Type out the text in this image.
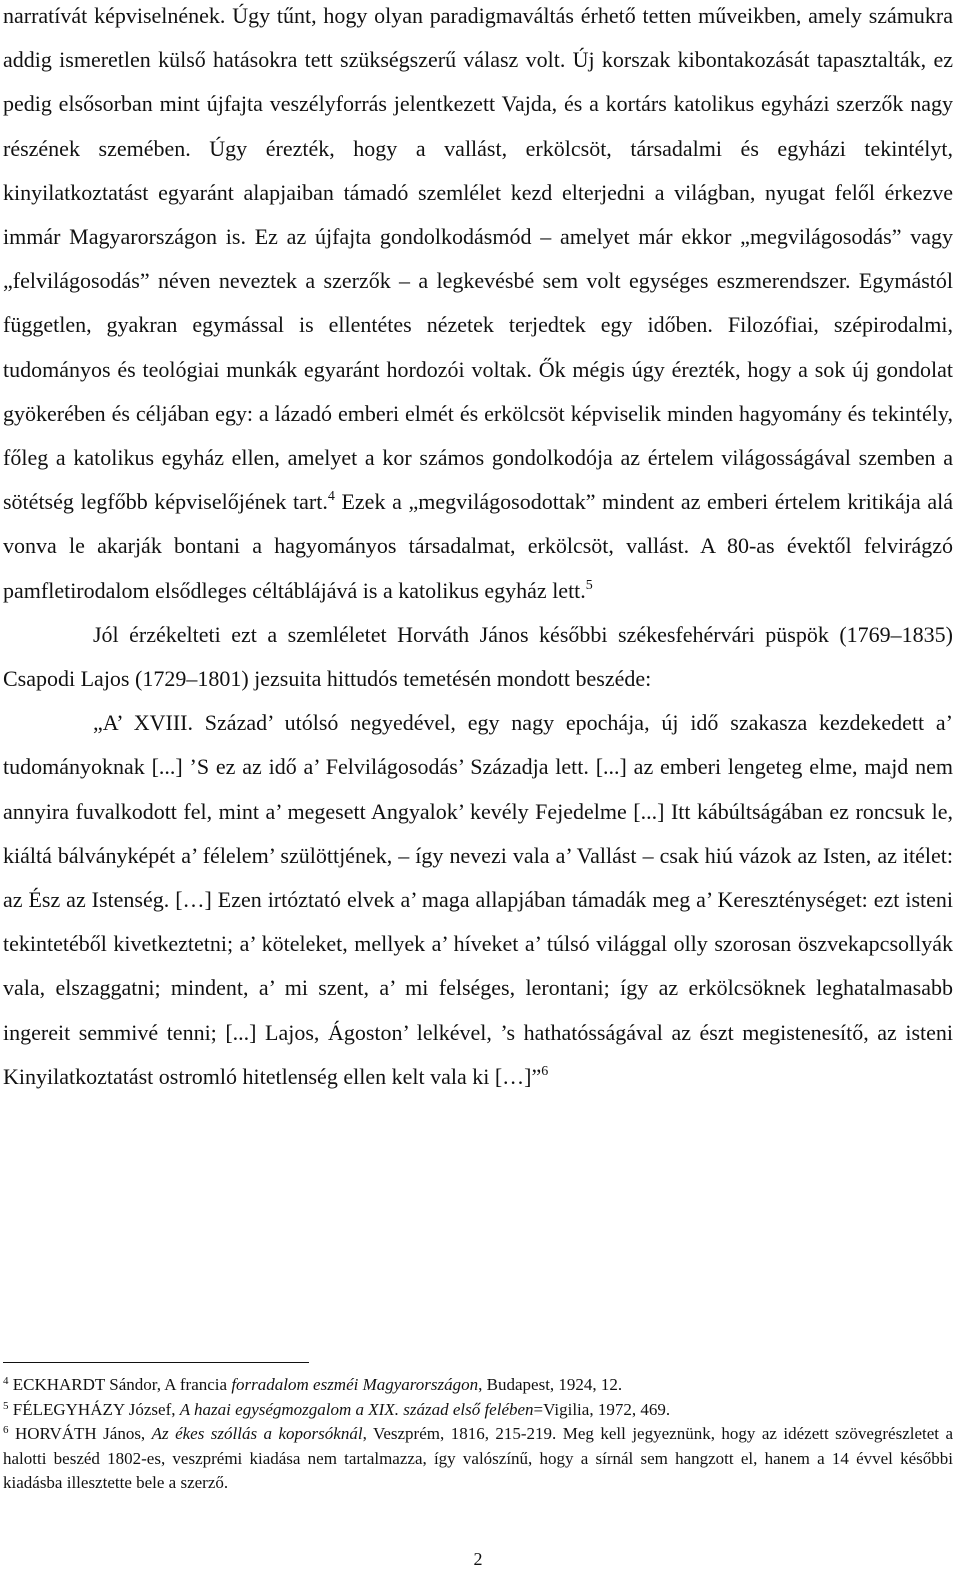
narratívát képviselnének. Úgy tűnt, hogy olyan paradigmaváltás érhető tetten műveikben, amely számukra addig ismeretlen külső hatásokra tett szükségszerű válasz volt. Új korszak kibontakozását tapasztalták, ez pedig elsősorban mint újfajta veszélyforrás jelentkezett Vajda, és a kortárs katolikus egyházi szerzők nagy részének szemében. Úgy érezték, hogy a vallást, erkölcsöt, társadalmi és egyházi tekintélyt, kinyilatkoztatást egyaránt alapjaiban támadó szemlélet kezd elterjedni a világban, nyugat felől érkezve immár Magyarországon is. Ez az újfajta gondolkodásmód – amelyet már ekkor „megvilágosodás” vagy „felvilágosodás” néven neveztek a szerzők – a legkevésbé sem volt egységes eszmerendszer. Egymástól független, gyakran egymással is ellentétes nézetek terjedtek egy időben. Filozófiai, szépirodalmi, tudományos és teológiai munkák egyaránt hordozói voltak. Ők mégis úgy érezték, hogy a sok új gondolat gyökerében és céljában egy: a lázadó emberi elmét és erkölcsöt képviselik minden hagyomány és tekintély, főleg a katolikus egyház ellen, amelyet a kor számos gondolkodója az értelem világosságával szemben a sötétség legfőbb képviselőjének tart.$^4$ Ezek a „megvilágosodottak” mindent az emberi értelem kritikája alá vonva le akarják bontani a hagyományos társadalmat, erkölcsöt, vallást. A 80-as évektől felvirágzó pamfletirodalom elsődleges céltáblájává is a katolikus egyház lett.$^5$

Jól érzékelteti ezt a szemléletet Horváth János későbbi székesfehérvári püspök (1769–1835) Csapodi Lajos (1729–1801) jezsuita hittudós temetésén mondott beszéde:

„A’ XVIII. Század’ utólsó negyedével, egy nagy epochája, új idő szakasza kezdekedett a’ tudományoknak [...] ’S ez az idő a’ Felvilágosodás’ Századja lett. [...] az emberi lengeteg elme, majd nem annyira fuvalkodott fel, mint a’ megesett Angyalok’ kevély Fejedelme [...] Itt kábúltságában ez roncsuk le, kiáltá bálványképét a’ félelem’ szülöttjének, – így nevezi vala a’ Vallást – csak hiú vázok az Isten, az itélet: az Ész az Istenség. […] Ezen irtóztató elvek a’ maga allapjában támadák meg a’ Kereszténységet: ezt isteni tekintetéből kivetkeztetni; a’ köteleket, mellyek a’ híveket a’ túlsó világgal olly szorosan öszvekapcsollyák vala, elszaggatni; mindent, a’ mi szent, a’ mi felséges, lerontani; így az erkölcsöknek leghatalmasabb ingereit semmivé tenni; [...] Lajos, Ágoston’ lelkével, ’s hathatósságával az észt megistenesítő, az isteni Kinyilatkoztatást ostromló hitetlenség ellen kelt vala ki […]”$^6$

$^4$ ECKHARDT Sándor, A francia forradalom eszméi Magyarországon, Budapest, 1924, 12.

$^5$ FÉLEGYHÁZY József, A hazai egységmozgalom a XIX. század első felében=Vigilia, 1972, 469.

$^6$ HORVÁTH János, Az ékes szóllás a koporsóknál, Veszprém, 1816, 215-219. Meg kell jegyeznünk, hogy az idézett szövegrészletet a halotti beszéd 1802-es, veszprémi kiadása nem tartalmazza, így valószínű, hogy a sírnál sem hangzott el, hanem a 14 évvel későbbi kiadásba illesztette bele a szerző.

2
